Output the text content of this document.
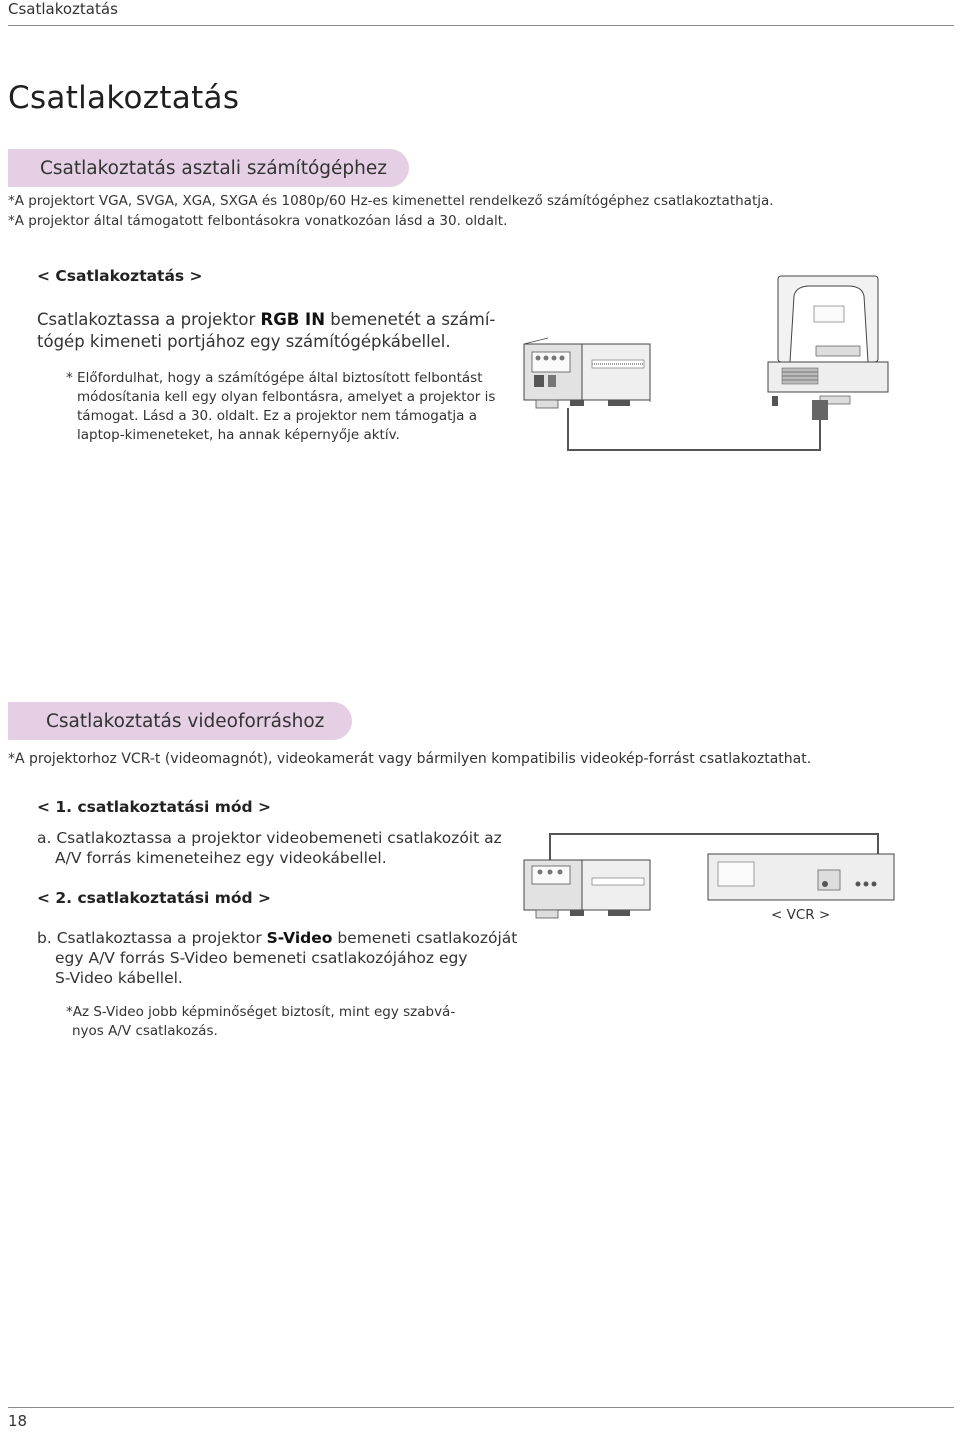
Csatlakoztatás
Csatlakoztatás
Csatlakoztatás asztali számítógéphez
*A projektort VGA, SVGA, XGA, SXGA és 1080p/60 Hz-es kimenettel rendelkező számítógéphez csatlakoztathatja.
*A projektor által támogatott felbontásokra vonatkozóan lásd a 30. oldalt.
< Csatlakoztatás >
Csatlakoztassa a projektor RGB IN bemenetét a számí-
tógép kimeneti portjához egy számítógépkábellel.
* Előfordulhat, hogy a számítógépe által biztosított felbontást
módosítania kell egy olyan felbontásra, amelyet a projektor is
támogat. Lásd a 30. oldalt. Ez a projektor nem támogatja a
laptop-kimeneteket, ha annak képernyője aktív.
Csatlakoztatás videoforráshoz
*A projektorhoz VCR-t (videomagnót), videokamerát vagy bármilyen kompatibilis videokép-forrást csatlakoztathat.
< 1. csatlakoztatási mód >
a. Csatlakoztassa a projektor videobemeneti csatlakozóit az
A/V forrás kimeneteihez egy videokábellel.
< 2. csatlakoztatási mód >
b. Csatlakoztassa a projektor S-Video bemeneti csatlakozóját
egy A/V forrás S-Video bemeneti csatlakozójához egy
S-Video kábellel.
*Az S-Video jobb képminőséget biztosít, mint egy szabvá-
nyos A/V csatlakozás.
< VCR >
18
